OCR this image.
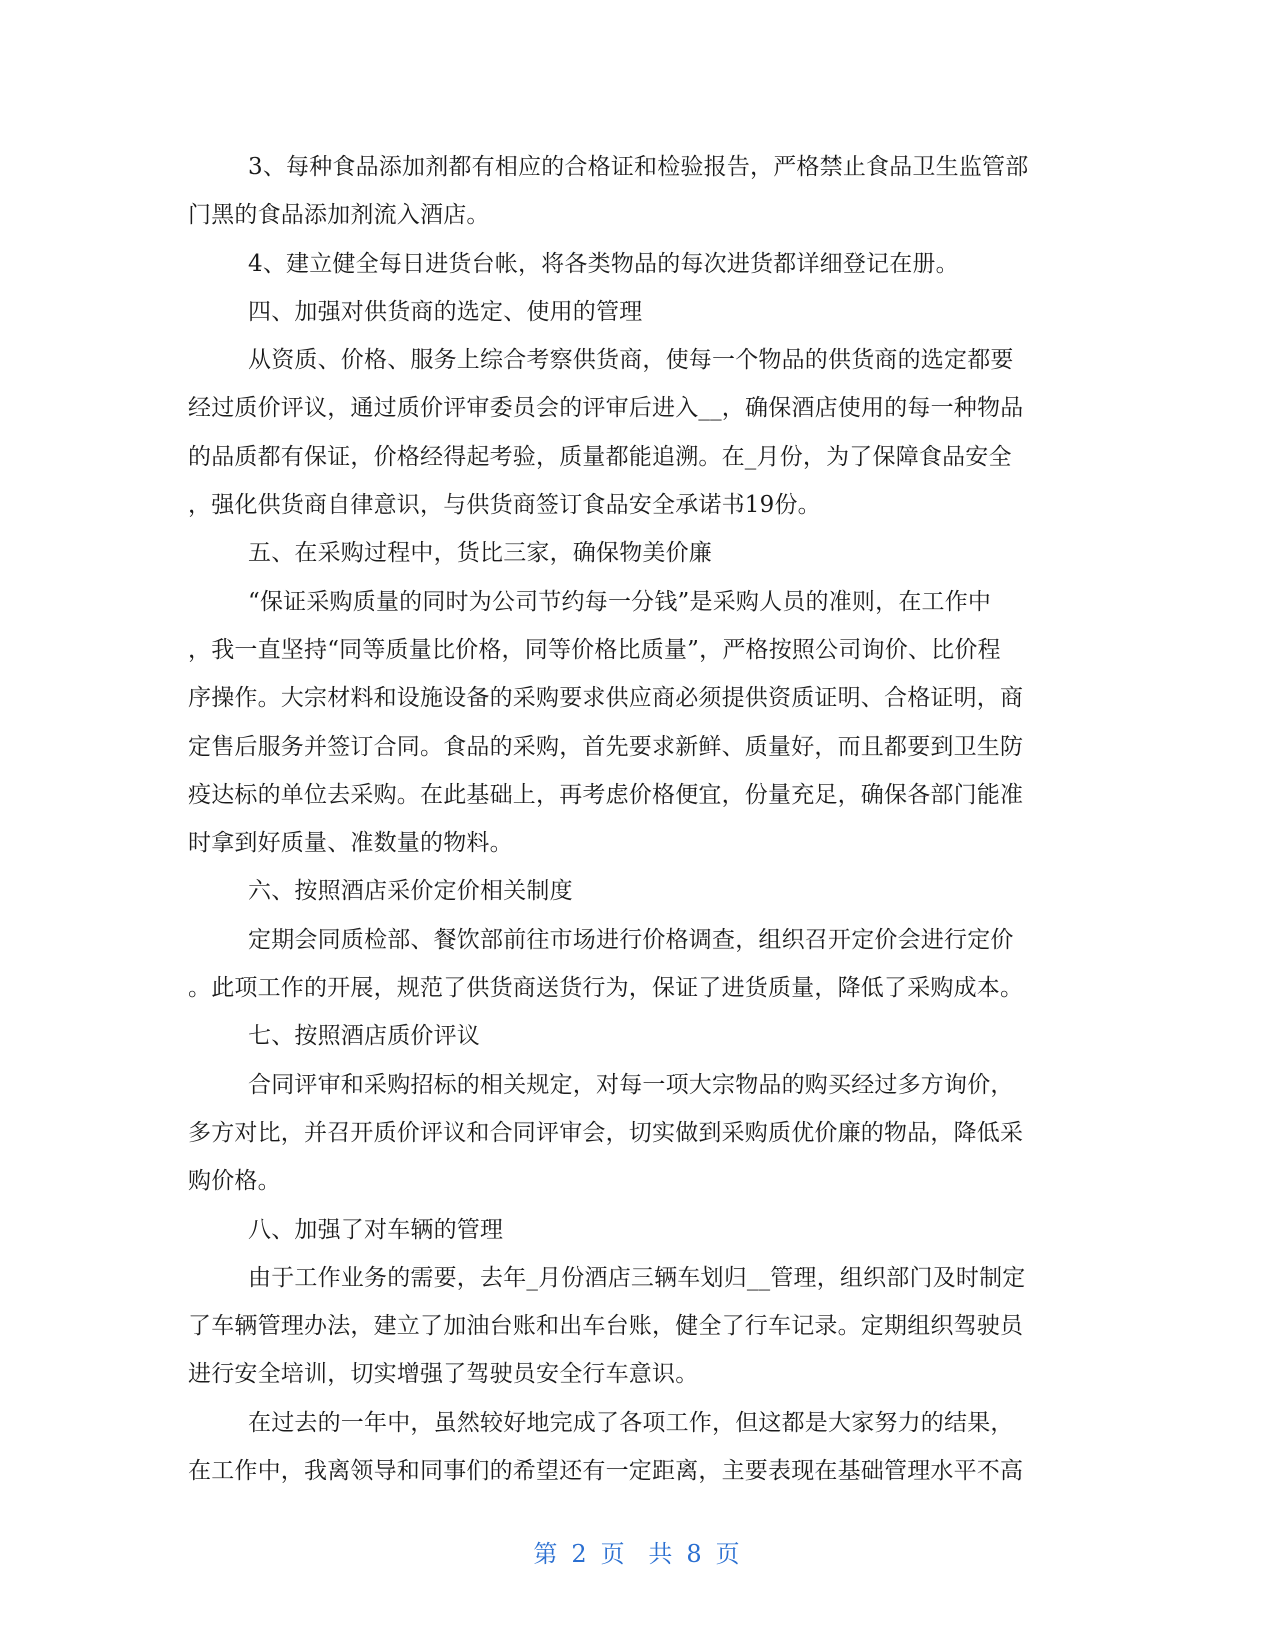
3、每种食品添加剂都有相应的合格证和检验报告，严格禁止食品卫生监管部
门黑的食品添加剂流入酒店。
4、建立健全每日进货台帐，将各类物品的每次进货都详细登记在册。
四、加强对供货商的选定、使用的管理
从资质、价格、服务上综合考察供货商，使每一个物品的供货商的选定都要
经过质价评议，通过质价评审委员会的评审后进入__，确保酒店使用的每一种物品
的品质都有保证，价格经得起考验，质量都能追溯。在_月份，为了保障食品安全
，强化供货商自律意识，与供货商签订食品安全承诺书19份。
五、在采购过程中，货比三家，确保物美价廉
“保证采购质量的同时为公司节约每一分钱”是采购人员的准则，在工作中
，我一直坚持“同等质量比价格，同等价格比质量”，严格按照公司询价、比价程
序操作。大宗材料和设施设备的采购要求供应商必须提供资质证明、合格证明，商
定售后服务并签订合同。食品的采购，首先要求新鲜、质量好，而且都要到卫生防
疫达标的单位去采购。在此基础上，再考虑价格便宜，份量充足，确保各部门能准
时拿到好质量、准数量的物料。
六、按照酒店采价定价相关制度
定期会同质检部、餐饮部前往市场进行价格调查，组织召开定价会进行定价
。此项工作的开展，规范了供货商送货行为，保证了进货质量，降低了采购成本。
七、按照酒店质价评议
合同评审和采购招标的相关规定，对每一项大宗物品的购买经过多方询价，
多方对比，并召开质价评议和合同评审会，切实做到采购质优价廉的物品，降低采
购价格。
八、加强了对车辆的管理
由于工作业务的需要，去年_月份酒店三辆车划归__管理，组织部门及时制定
了车辆管理办法，建立了加油台账和出车台账，健全了行车记录。定期组织驾驶员
进行安全培训，切实增强了驾驶员安全行车意识。
在过去的一年中，虽然较好地完成了各项工作，但这都是大家努力的结果，
在工作中，我离领导和同事们的希望还有一定距离，主要表现在基础管理水平不高
第 2 页 共 8 页
